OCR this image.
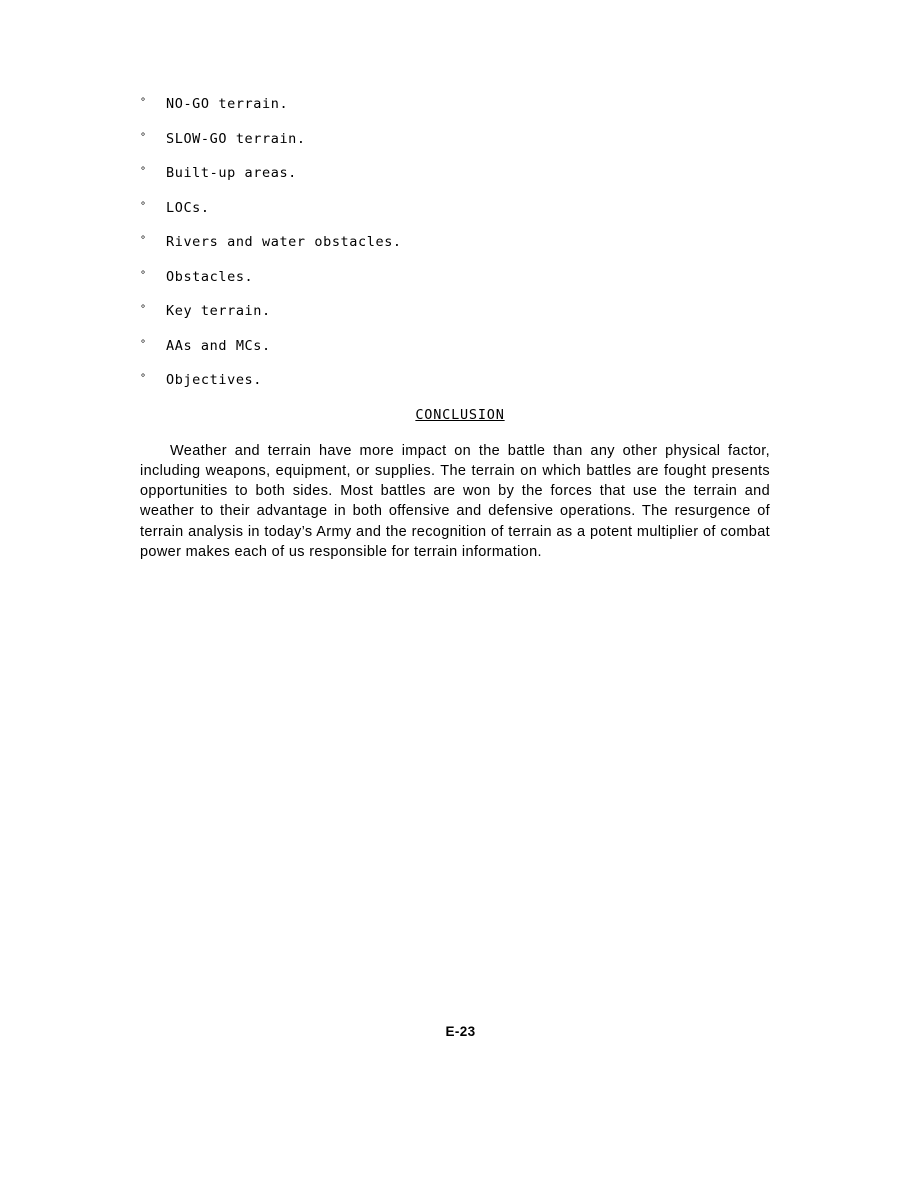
° NO-GO terrain.
° SLOW-GO terrain.
° Built-up areas.
° LOCs.
° Rivers and water obstacles.
° Obstacles.
° Key terrain.
° AAs and MCs.
° Objectives.
CONCLUSION

Weather and terrain have more impact on the battle than any other physical factor, including weapons, equipment, or supplies. The terrain on which battles are fought presents opportunities to both sides. Most battles are won by the forces that use the terrain and weather to their advantage in both offensive and defensive operations. The resurgence of terrain analysis in today’s Army and the recognition of terrain as a potent multiplier of combat power makes each of us responsible for terrain information.

E-23
